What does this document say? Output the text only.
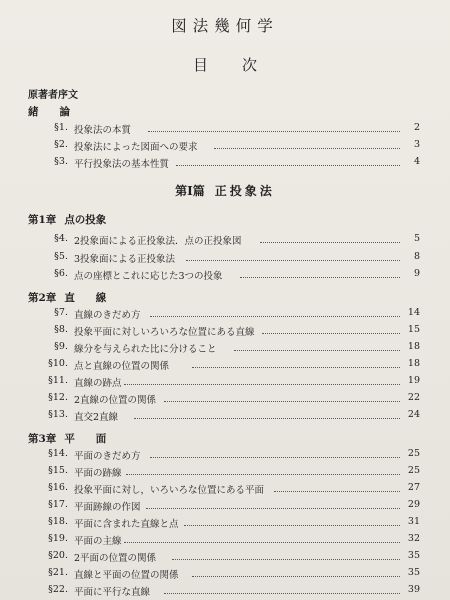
図法幾何学
目次
原著者序文
緒　　論
§1. 投象法の本質	2
§2. 投象法によった図面への要求	3
§3. 平行投象法の基本性質	4
第Ⅰ篇 正投象法
第1章 点の投象
§4. 2投象面による正投象法．点の正投象図	5
§5. 3投象面による正投象法	8
§6. 点の座標とこれに応じた3つの投象	9
第2章 直　　線
§7. 直線のきだめ方	14
§8. 投象平面に対しいろいろな位置にある直線	15
§9. 線分を与えられた比に分けること	18
§10. 点と直線の位置の関係	18
§11. 直線の跡点	19
§12. 2直線の位置の関係	22
§13. 直交2直線	24
第3章 平　　面
§14. 平面のきだめ方	25
§15. 平面の跡線	25
§16. 投象平面に対し，いろいろな位置にある平面	27
§17. 平面跡線の作図	29
§18. 平面に含まれた直線と点	31
§19. 平面の主線	32
§20. 2平面の位置の関係	35
§21. 直線と平面の位置の関係	35
§22. 平面に平行な直線	39
